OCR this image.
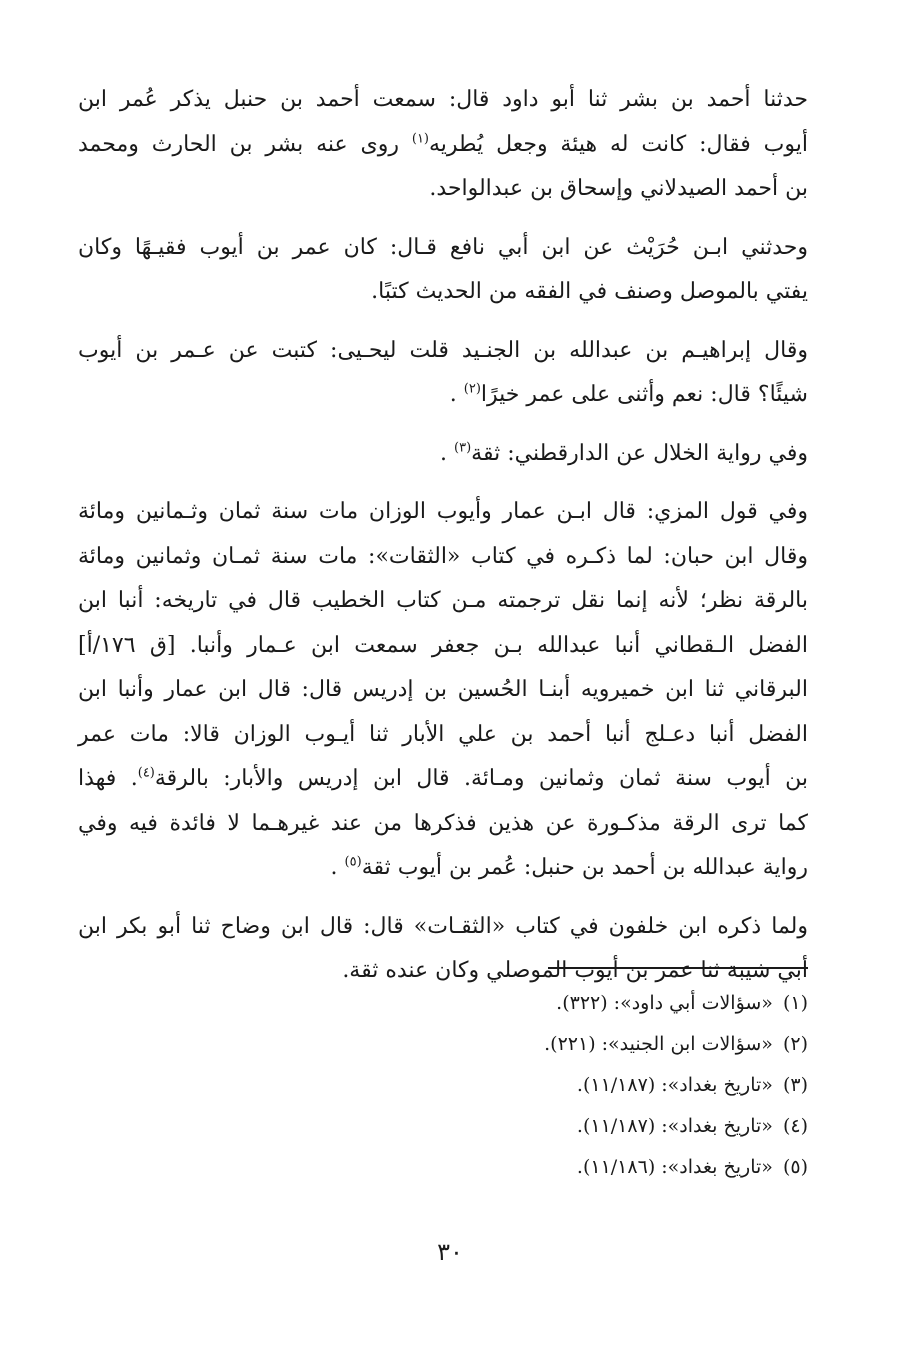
حدثنا أحمد بن بشر ثنا أبو داود قال: سمعت أحمد بن حنبل يذكر عُمر ابن
أيوب فقال: كانت له هيئة وجعل يُطريه$^{(١)}$ روى عنه بشر بن الحارث ومحمد
بن أحمد الصيدلاني وإسحاق بن عبدالواحد.

وحدثني ابـن حُرَيْث عن ابن أبي نافع قـال: كان عمر بن أيوب فقيـهًا وكان
يفتي بالموصل وصنف في الفقه من الحديث كتبًا.

وقال إبراهيـم بن عبدالله بن الجنـيد قلت ليحـيى: كتبت عن عـمر بن أيوب
شيئًا؟ قال: نعم وأثنى على عمر خيرًا$^{(٢)}$ .

وفي رواية الخلال عن الدارقطني: ثقة$^{(٣)}$ .

وفي قول المزي: قال ابـن عمار وأيوب الوزان مات سنة ثمان وثـمانين ومائة
وقال ابن حبان: لما ذكـره في كتاب «الثقات»: مات سنة ثمـان وثمانين ومائة
بالرقة نظر؛ لأنه إنما نقل ترجمته مـن كتاب الخطيب قال في تاريخه: أنبا ابن
الفضل الـقطاني أنبا عبدالله بـن جعفر سمعت ابن عـمار وأنبا. [ق ١٧٦/أ]
البرقاني ثنا ابن خميرويه أبنـا الحُسين بن إدريس قال: قال ابن عمار وأنبا ابن
الفضل أنبا دعـلج أنبا أحمد بن علي الأبار ثنا أيـوب الوزان قالا: مات عمر
بن أيوب سنة ثمان وثمانين ومـائة. قال ابن إدريس والأبار: بالرقة$^{(٤)}$. فهذا
كما ترى الرقة مذكـورة عن هذين فذكرها من عند غيرهـما لا فائدة فيه وفي
رواية عبدالله بن أحمد بن حنبل: عُمر بن أيوب ثقة$^{(٥)}$ .

ولما ذكره ابن خلفون في كتاب «الثقـات» قال: قال ابن وضاح ثنا أبو بكر ابن
أبي شيبة ثنا عمر بن أيوب الموصلي وكان عنده ثقة.

(١)«سؤالات أبي داود»: (٣٢٢).
(٢)«سؤالات ابن الجنيد»: (٢٢١).
(٣)«تاريخ بغداد»: (١١/١٨٧).
(٤)«تاريخ بغداد»: (١١/١٨٧).
(٥)«تاريخ بغداد»: (١١/١٨٦).
٣٠
